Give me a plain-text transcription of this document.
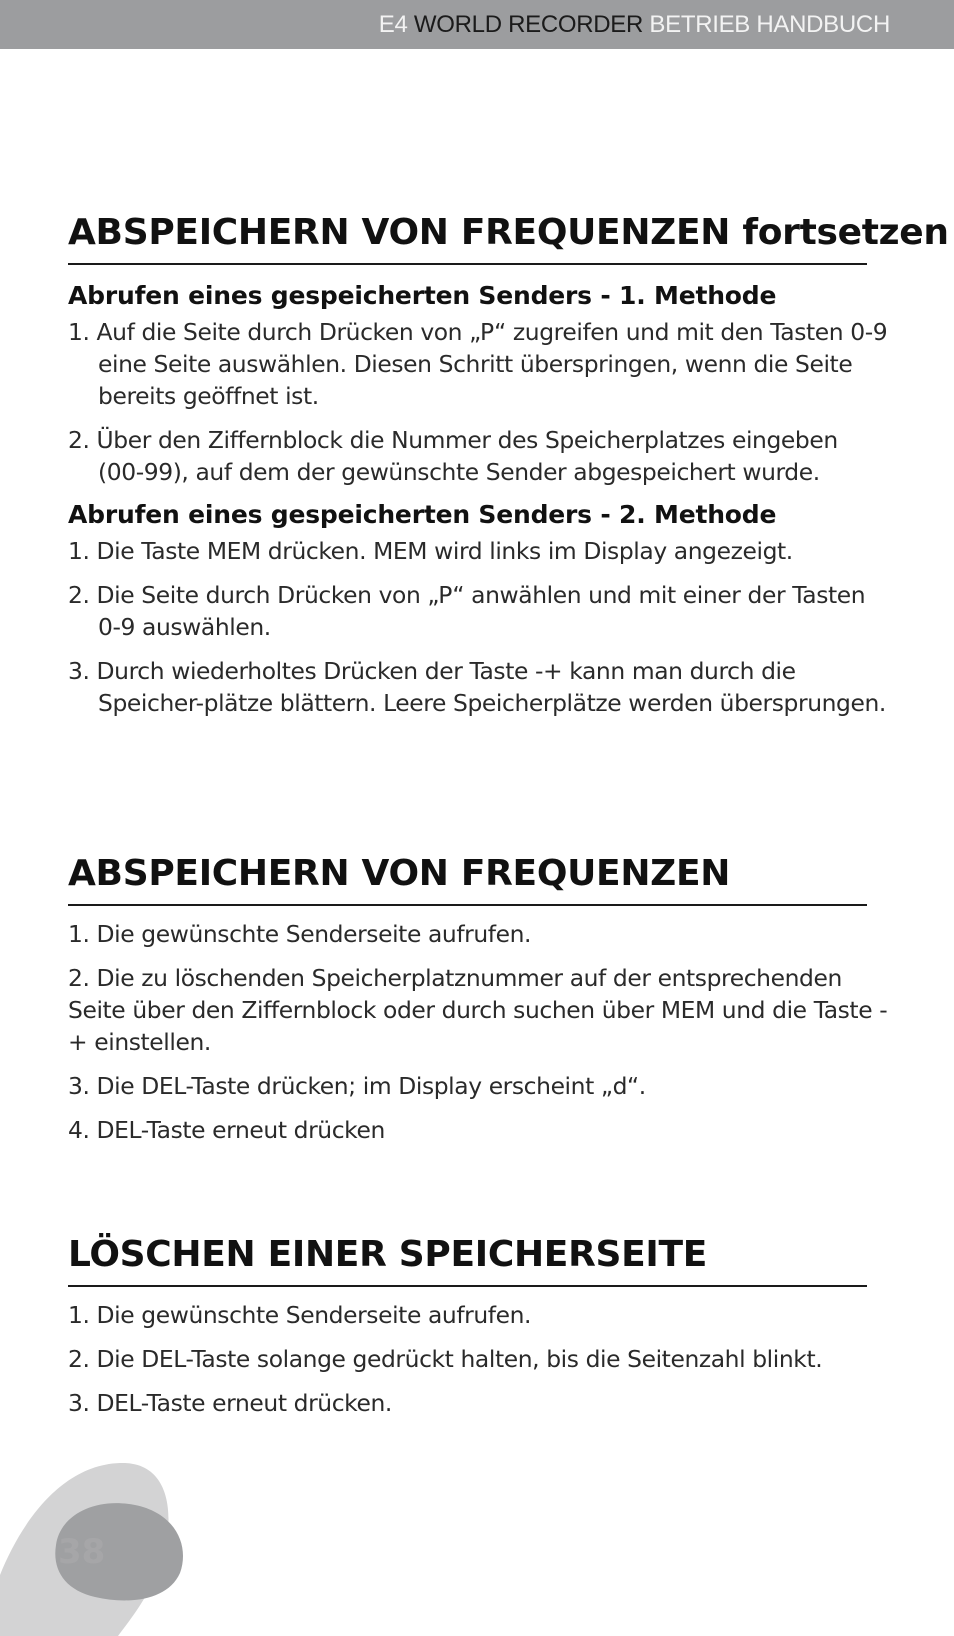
E4 WORLD RECORDER BETRIEB HANDBUCH
ABSPEICHERN VON FREQUENZEN fortsetzen
Abrufen eines gespeicherten Senders - 1. Methode
1. Auf die Seite durch Drücken von „P“ zugreifen und mit den Tasten 0-9 eine Seite auswählen. Diesen Schritt überspringen, wenn die Seite bereits geöffnet ist.
2. Über den Ziffernblock die Nummer des Speicherplatzes eingeben (00-99), auf dem der gewünschte Sender abgespeichert wurde.
Abrufen eines gespeicherten Senders - 2. Methode
1. Die Taste MEM drücken. MEM wird links im Display angezeigt.
2. Die Seite durch Drücken von „P“ anwählen und mit einer der Tasten 0-9 auswählen.
3. Durch wiederholtes Drücken der Taste -+ kann man durch die Speicher-plätze blättern. Leere Speicherplätze werden übersprungen.
ABSPEICHERN VON FREQUENZEN
1. Die gewünschte Senderseite aufrufen.
2. Die zu löschenden Speicherplatznummer auf der entsprechenden Seite über den Ziffernblock oder durch suchen über MEM und die Taste - + einstellen.
3. Die DEL-Taste drücken; im Display erscheint „d“.
4. DEL-Taste erneut drücken
LÖSCHEN EINER SPEICHERSEITE
1. Die gewünschte Senderseite aufrufen.
2. Die DEL-Taste solange gedrückt halten, bis die Seitenzahl blinkt.
3. DEL-Taste erneut drücken.
38
